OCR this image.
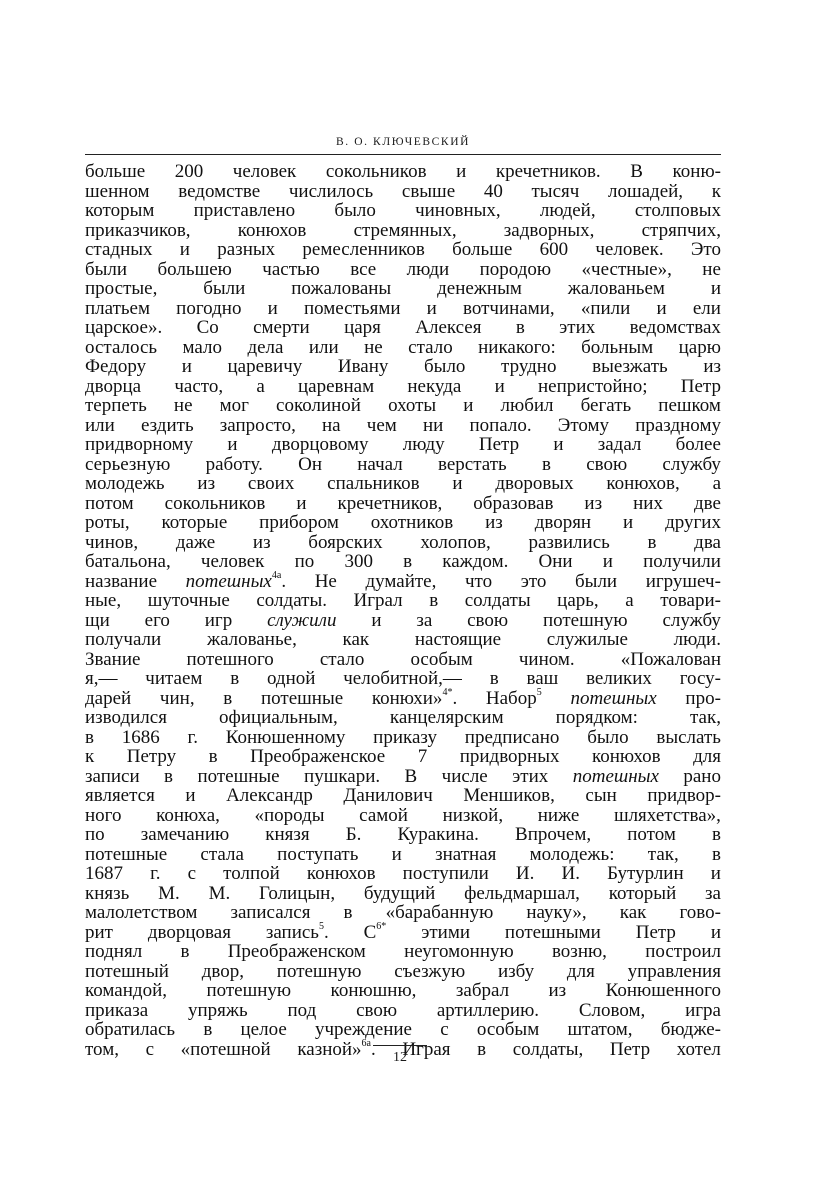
В. О. КЛЮЧЕВСКИЙ
больше 200 человек сокольников и кречетников. В коню-
шенном ведомстве числилось свыше 40 тысяч лошадей, к
которым приставлено было чиновных, людей, столповых
приказчиков, конюхов стремянных, задворных, стряпчих,
стадных и разных ремесленников больше 600 человек. Это
были большею частью все люди породою «честные», не
простые, были пожалованы денежным жалованьем и
платьем погодно и поместьями и вотчинами, «пили и ели
царское». Со смерти царя Алексея в этих ведомствах
осталось мало дела или не стало никакого: больным царю
Федору и царевичу Ивану было трудно выезжать из
дворца часто, а царевнам некуда и непристойно; Петр
терпеть не мог соколиной охоты и любил бегать пешком
или ездить запросто, на чем ни попало. Этому праздному
придворному и дворцовому люду Петр и задал более
серьезную работу. Он начал верстать в свою службу
молодежь из своих спальников и дворовых конюхов, а
потом сокольников и кречетников, образовав из них две
роты, которые прибором охотников из дворян и других
чинов, даже из боярских холопов, развились в два
батальона, человек по 300 в каждом. Они и получили
название потешных$^{4а}$. Не думайте, что это были игрушеч-
ные, шуточные солдаты. Играл в солдаты царь, а товари-
щи его игр служили и за свою потешную службу
получали жалованье, как настоящие служилые люди.
Звание потешного стало особым чином. «Пожалован
я,— читаем в одной челобитной,— в ваш великих госу-
дарей чин, в потешные конюхи»$^{4*}$. Набор$^5$ потешных про-
изводился	официальным,	канцелярским	порядком:	так,
в 1686 г. Конюшенному приказу предписано было выслать
к Петру в Преображенское 7 придворных конюхов для
записи в потешные пушкари. В числе этих потешных рано
является и Александр Данилович Меншиков, сын придвор-
ного конюха, «породы самой низкой, ниже шляхетства»,
по замечанию князя Б. Куракина. Впрочем, потом в
потешные стала поступать и знатная молодежь: так, в
1687 г. с толпой конюхов поступили И. И. Бутурлин и
князь М. М. Голицын, будущий фельдмаршал, который за
малолетством записался в «барабанную науку», как гово-
рит дворцовая запись$^5$. $С^{6*}$ этими потешными Петр и
поднял в Преображенском неугомонную возню, построил
потешный двор, потешную съезжую избу для управления
командой, потешную конюшню, забрал из Конюшенного
приказа упряжь под свою артиллерию. Словом, игра
обратилась в целое учреждение с особым штатом, бюдже-
том, с «потешной казной»$^{6а}$. Играя в солдаты, Петр хотел
12
